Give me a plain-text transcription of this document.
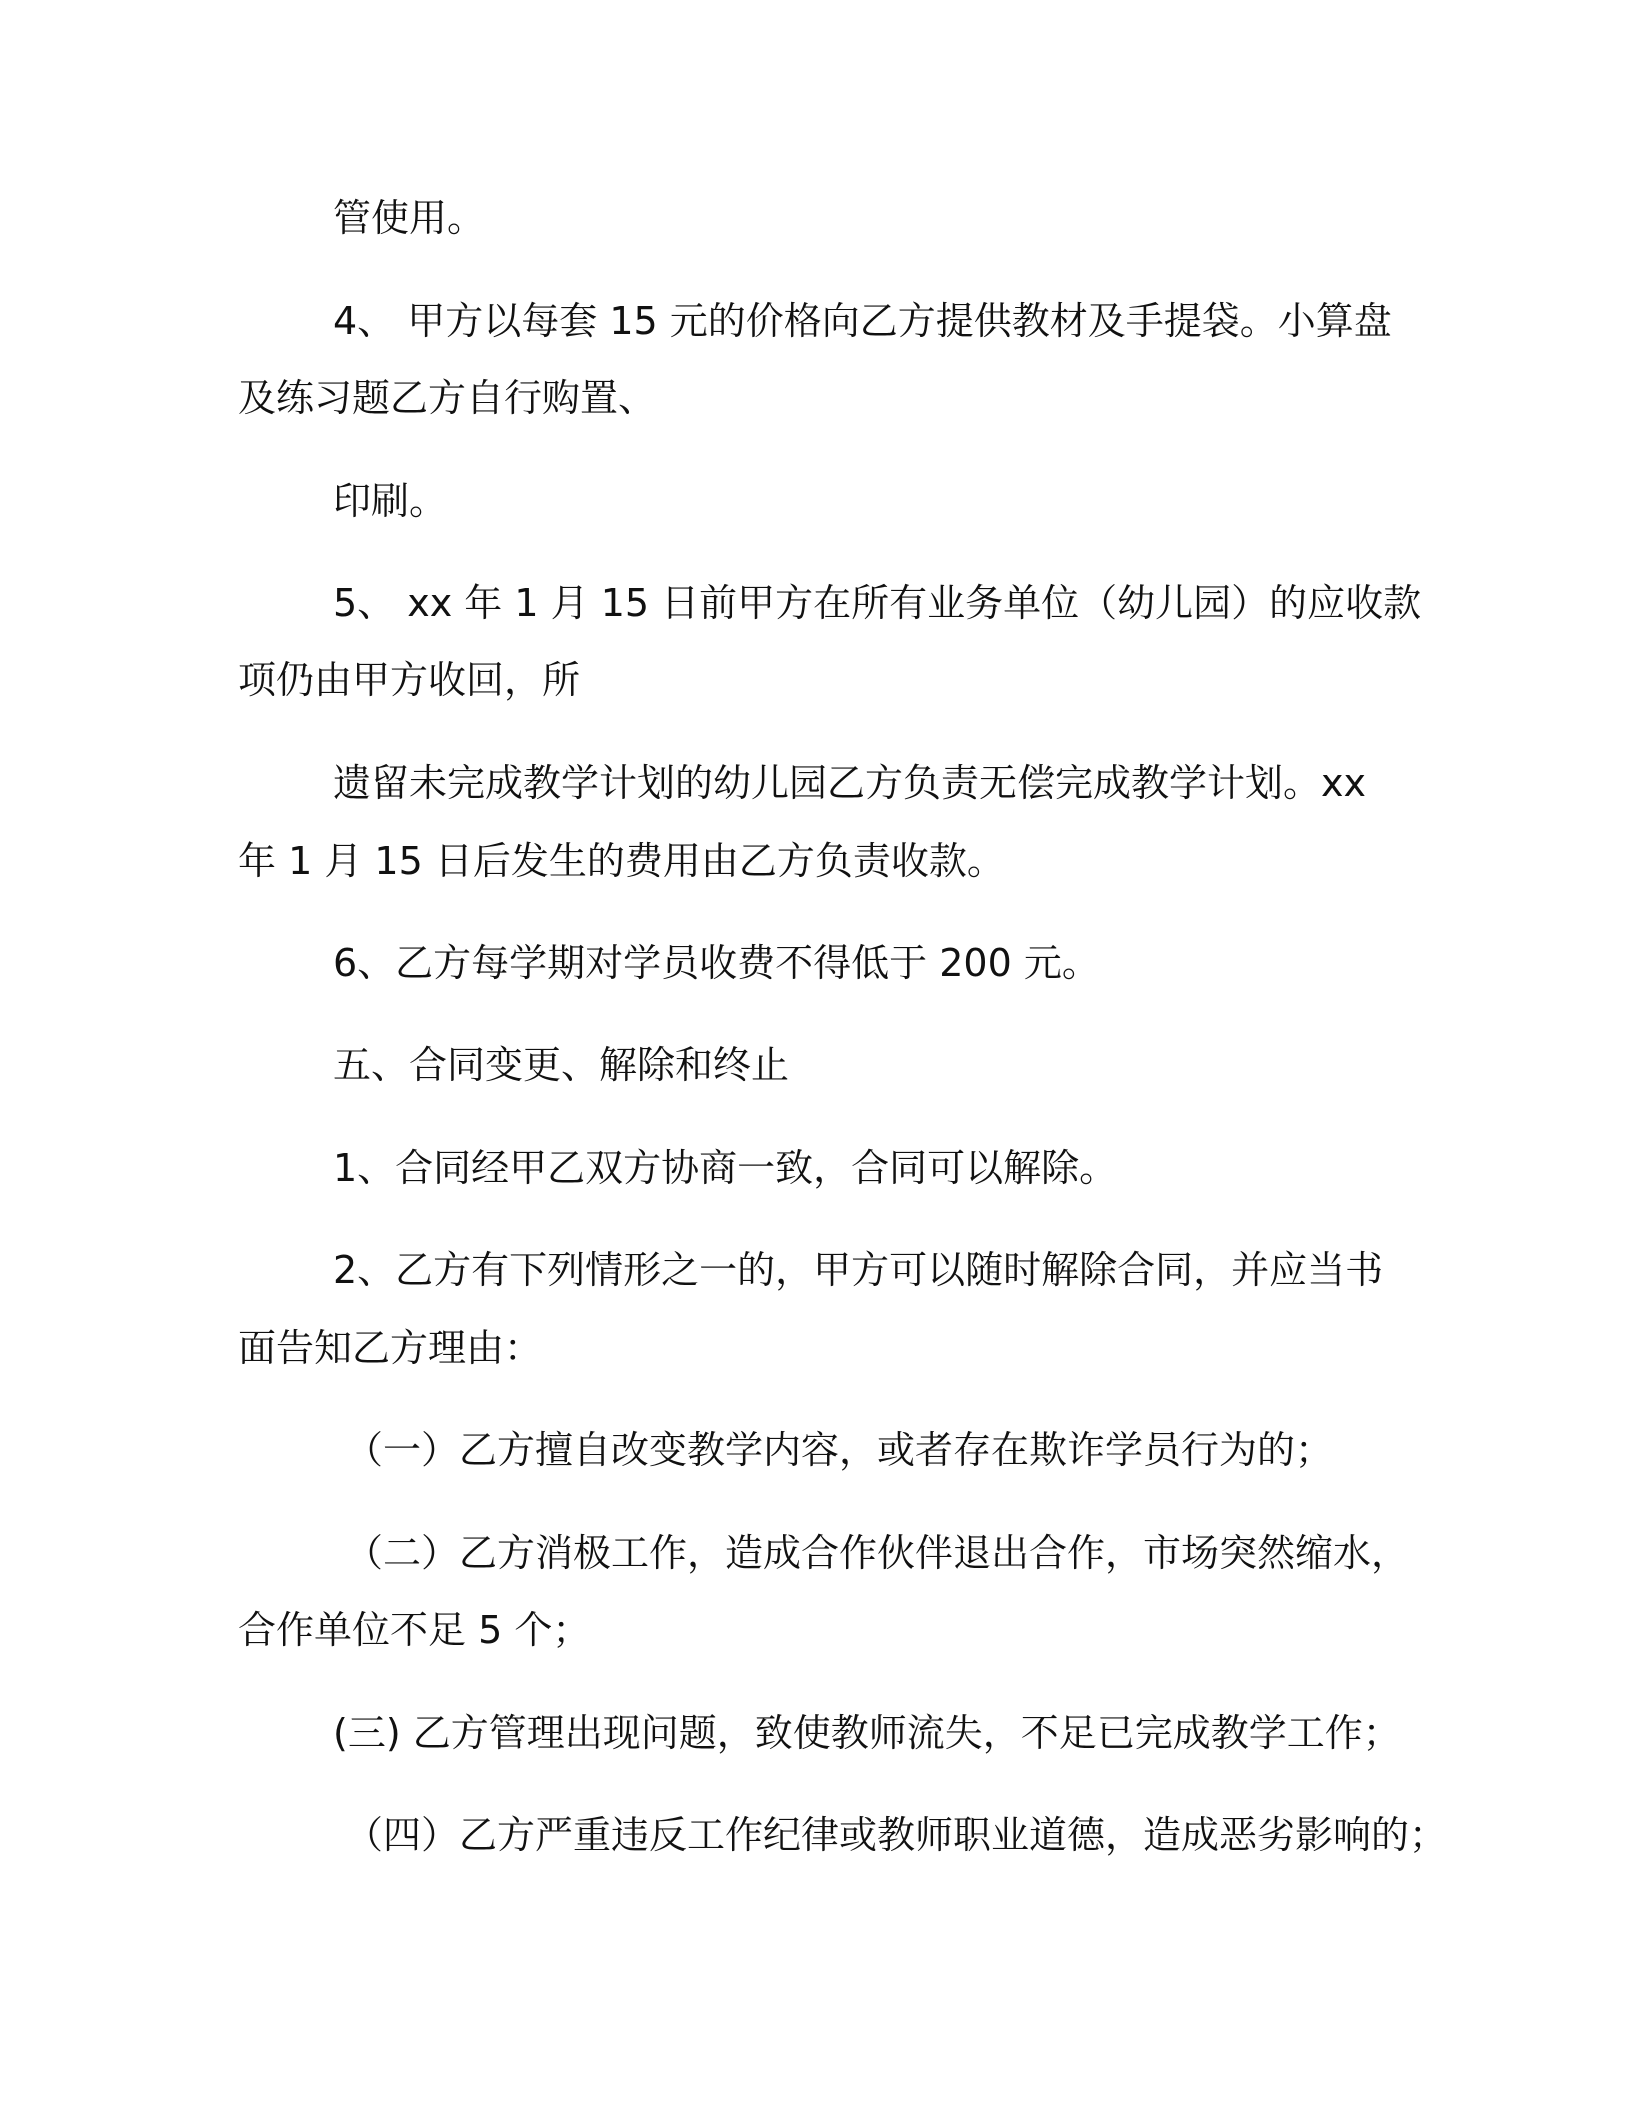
管使用。
4、 甲方以每套 15 元的价格向乙方提供教材及手提袋。小算盘
及练习题乙方自行购置、
印刷。
5、 xx 年 1 月 15 日前甲方在所有业务单位（幼儿园）的应收款
项仍由甲方收回，所
遗留未完成教学计划的幼儿园乙方负责无偿完成教学计划。xx
年 1 月 15 日后发生的费用由乙方负责收款。
6、乙方每学期对学员收费不得低于 200 元。
五、合同变更、解除和终止
1、合同经甲乙双方协商一致，合同可以解除。
2、乙方有下列情形之一的，甲方可以随时解除合同，并应当书
面告知乙方理由：
（一）乙方擅自改变教学内容，或者存在欺诈学员行为的；
（二）乙方消极工作，造成合作伙伴退出合作，市场突然缩水，
合作单位不足 5 个；
(三) 乙方管理出现问题，致使教师流失，不足已完成教学工作；
（四）乙方严重违反工作纪律或教师职业道德，造成恶劣影响的；
